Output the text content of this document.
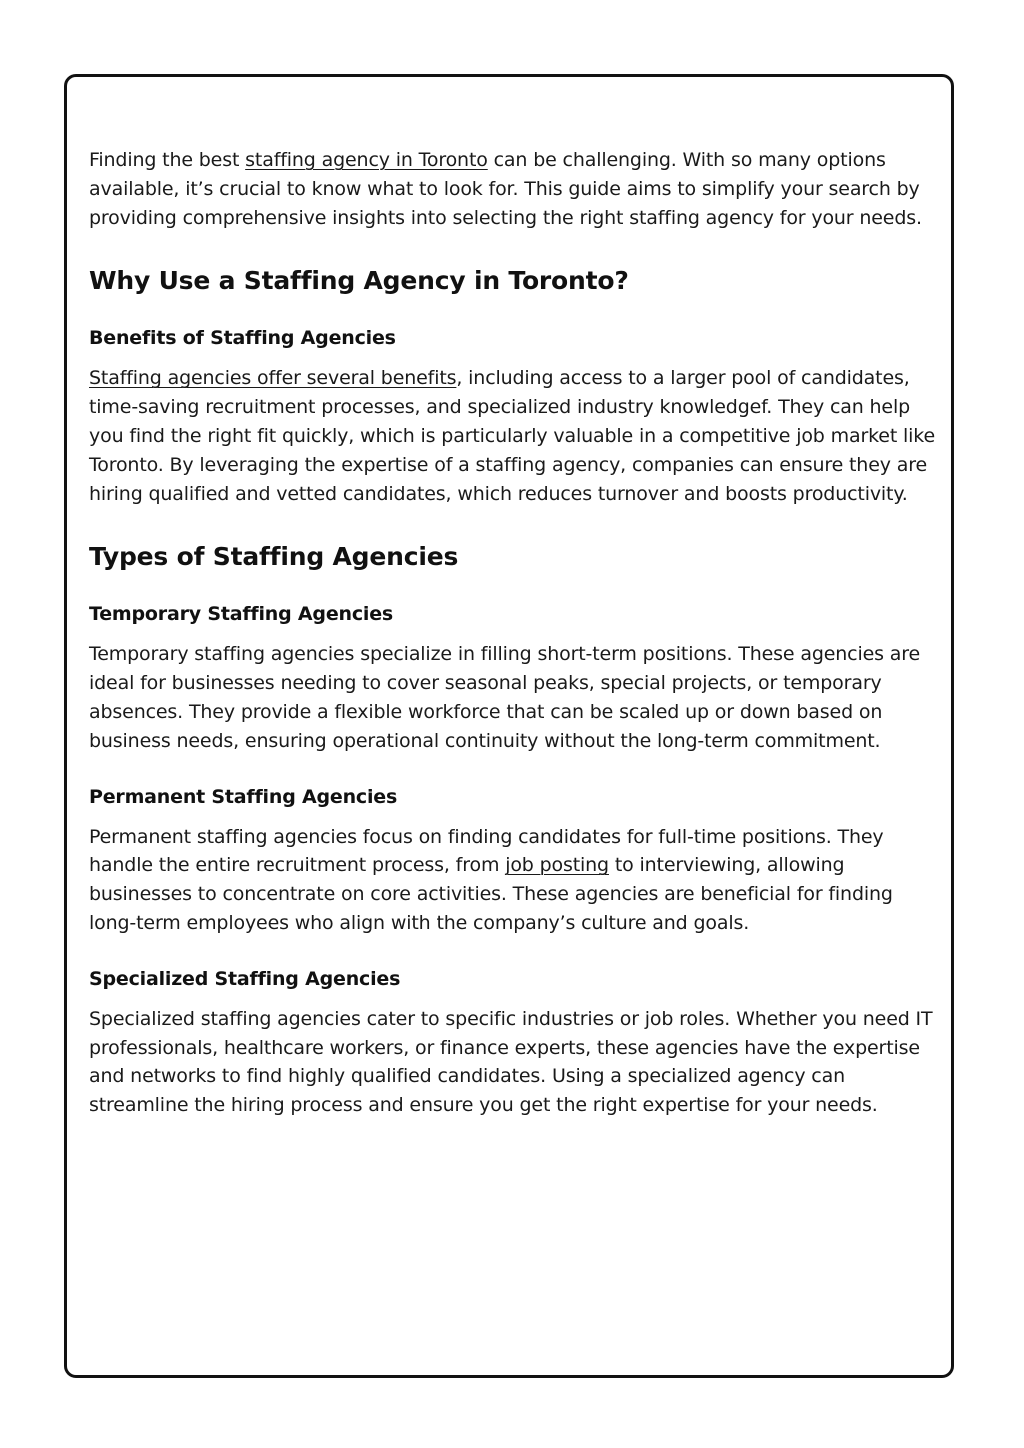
Finding the best staffing agency in Toronto can be challenging. With so many options available, it’s crucial to know what to look for. This guide aims to simplify your search by providing comprehensive insights into selecting the right staffing agency for your needs.

Why Use a Staffing Agency in Toronto?
Benefits of Staffing Agencies

Staffing agencies offer several benefits, including access to a larger pool of candidates, time-saving recruitment processes, and specialized industry knowledgef. They can help you find the right fit quickly, which is particularly valuable in a competitive job market like Toronto. By leveraging the expertise of a staffing agency, companies can ensure they are hiring qualified and vetted candidates, which reduces turnover and boosts productivity.

Types of Staffing Agencies
Temporary Staffing Agencies

Temporary staffing agencies specialize in filling short-term positions. These agencies are ideal for businesses needing to cover seasonal peaks, special projects, or temporary absences. They provide a flexible workforce that can be scaled up or down based on business needs, ensuring operational continuity without the long-term commitment.

Permanent Staffing Agencies

Permanent staffing agencies focus on finding candidates for full-time positions. They handle the entire recruitment process, from job posting to interviewing, allowing businesses to concentrate on core activities. These agencies are beneficial for finding long-term employees who align with the company’s culture and goals.

Specialized Staffing Agencies

Specialized staffing agencies cater to specific industries or job roles. Whether you need IT professionals, healthcare workers, or finance experts, these agencies have the expertise and networks to find highly qualified candidates. Using a specialized agency can streamline the hiring process and ensure you get the right expertise for your needs.
